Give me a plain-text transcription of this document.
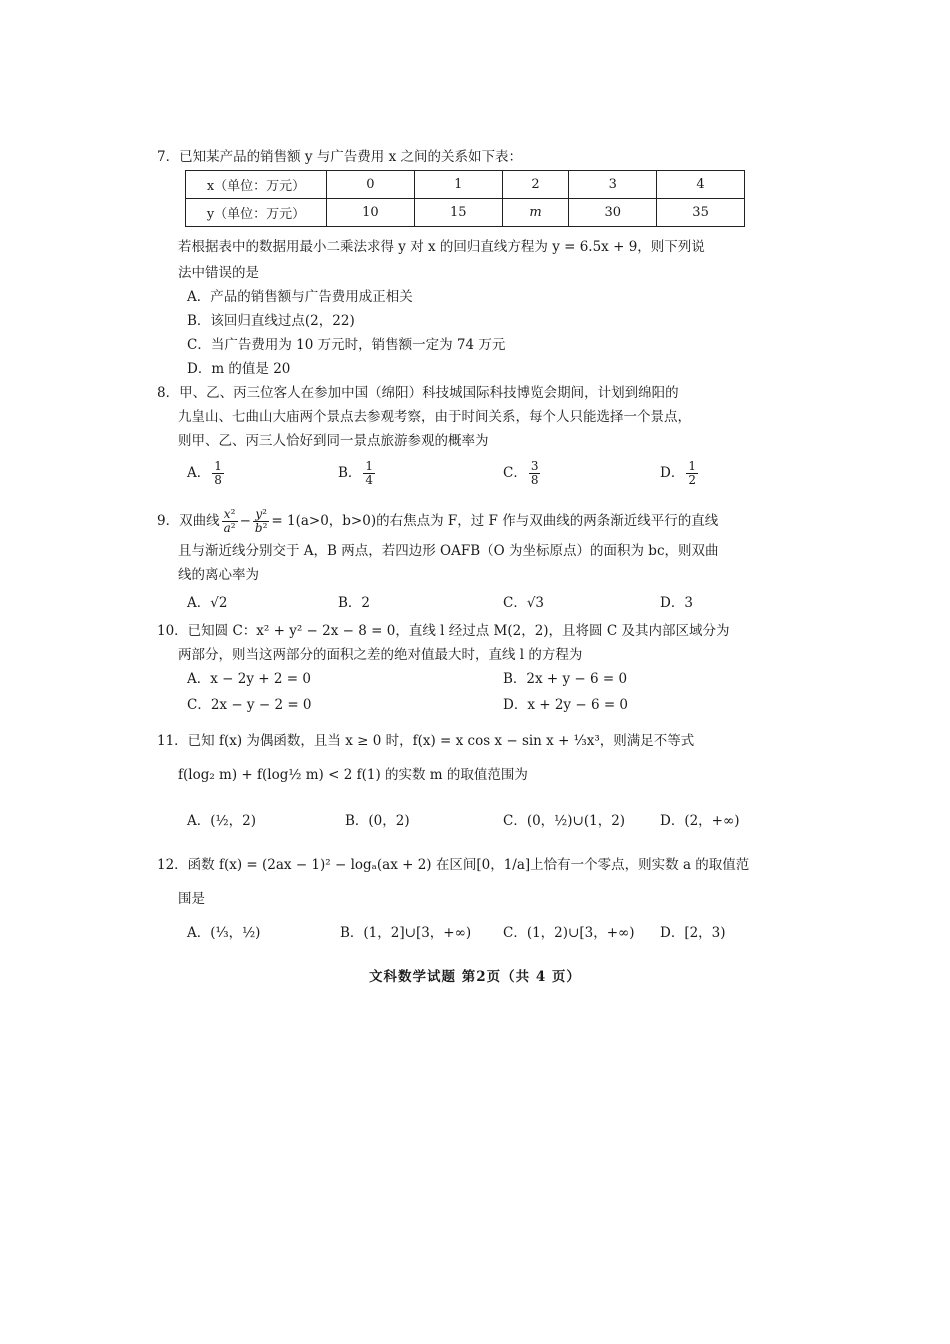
7．已知某产品的销售额 y 与广告费用 x 之间的关系如下表：
x（单位：万元）	0	1	2	3	4
y（单位：万元）	10	15	m	30	35
若根据表中的数据用最小二乘法求得 y 对 x 的回归直线方程为 y = 6.5x + 9，则下列说
法中错误的是
A．产品的销售额与广告费用成正相关
B．该回归直线过点(2，22)
C．当广告费用为 10 万元时，销售额一定为 74 万元
D．m 的值是 20
8．甲、乙、丙三位客人在参加中国（绵阳）科技城国际科技博览会期间，计划到绵阳的
九皇山、七曲山大庙两个景点去参观考察，由于时间关系，每个人只能选择一个景点，
则甲、乙、丙三人恰好到同一景点旅游参观的概率为
A． $\frac{1}{8}$	B． $\frac{1}{4}$	C． $\frac{3}{8}$	D． $\frac{1}{2}$
9．双曲线 $\frac{\text{x²}}{\text{a²}} - \frac{\text{y²}}{\text{b²}} = 1(a>0$，b>0)的右焦点为 F，过 F 作与双曲线的两条渐近线平行的直线
且与渐近线分别交于 A，B 两点，若四边形 OAFB（O 为坐标原点）的面积为 bc，则双曲
线的离心率为
A．√2	B．2	C．√3	D．3
10．已知圆 C：x² + y² − 2x − 8 = 0，直线 l 经过点 M(2，2)，且将圆 C 及其内部区域分为
两部分，则当这两部分的面积之差的绝对值最大时，直线 l 的方程为
A．x − 2y + 2 = 0	B．2x + y − 6 = 0
C．2x − y − 2 = 0	D．x + 2y − 6 = 0
11．已知 f(x) 为偶函数，且当 x ≥ 0 时，f(x) = x cos x − sin x + ⅓x³，则满足不等式
f(log₂ m) + f(log½ m) < 2 f(1) 的实数 m 的取值范围为
A．(½，2)	B．(0，2)	C．(0，½)∪(1，2)	D．(2，+∞)
12．函数 f(x) = (2ax − 1)² − logₐ(ax + 2) 在区间[0，1/a]上恰有一个零点，则实数 a 的取值范
围是
A．(⅓，½)	B．(1，2]∪[3，+∞) C．(1，2)∪[3，+∞) D．[2，3)
文科数学试题 第2页（共 4 页）
